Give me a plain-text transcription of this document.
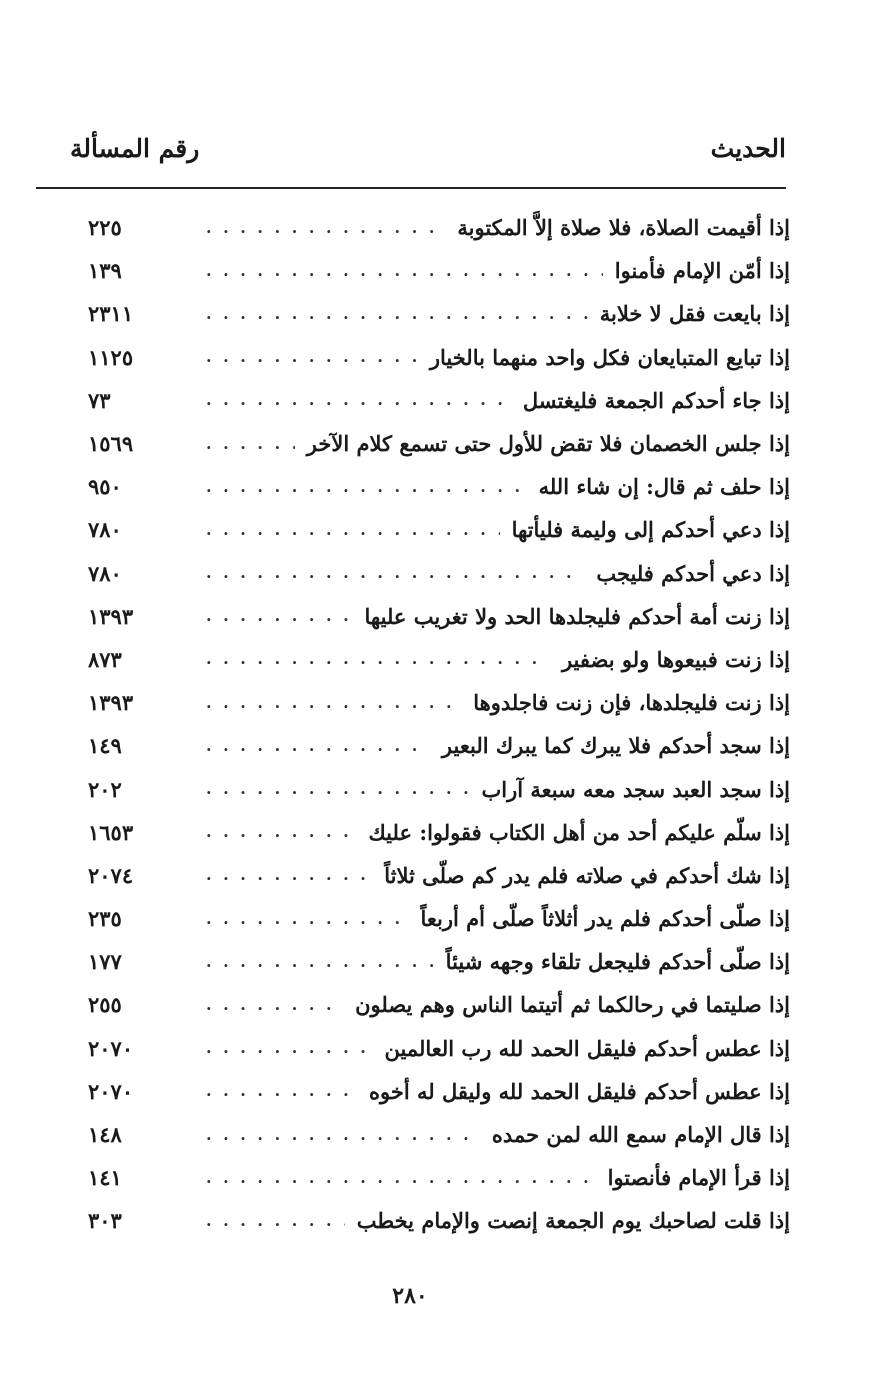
الحديث
رقم المسألة
إذا أقيمت الصلاة، فلا صلاة إلاَّ المكتوبة
. . .
٢٢٥
إذا أمّن الإمام فأمنوا
. . .
١٣٩
إذا بايعت فقل لا خلابة
. . .
٢٣١١
إذا تبايع المتبايعان فكل واحد منهما بالخيار
. . .
١١٢٥
إذا جاء أحدكم الجمعة فليغتسل
. . .
٧٣
إذا جلس الخصمان فلا تقض للأول حتى تسمع كلام الآخر
. . .
١٥٦٩
إذا حلف ثم قال: إن شاء الله
. . .
٩٥٠
إذا دعي أحدكم إلى وليمة فليأتها
. . .
٧٨٠
إذا دعي أحدكم فليجب
. . .
٧٨٠
إذا زنت أمة أحدكم فليجلدها الحد ولا تغريب عليها
. . .
١٣٩٣
إذا زنت فبيعوها ولو بضفير
. . .
٨٧٣
إذا زنت فليجلدها، فإن زنت فاجلدوها
. . .
١٣٩٣
إذا سجد أحدكم فلا يبرك كما يبرك البعير
. . .
١٤٩
إذا سجد العبد سجد معه سبعة آراب
. . .
٢٠٢
إذا سلّم عليكم أحد من أهل الكتاب فقولوا: عليك
. . .
١٦٥٣
إذا شك أحدكم في صلاته فلم يدر كم صلّى ثلاثاً
. . .
٢٠٧٤
إذا صلّى أحدكم فلم يدر أثلاثاً صلّى أم أربعاً
. . .
٢٣٥
إذا صلّى أحدكم فليجعل تلقاء وجهه شيئاً
. . .
١٧٧
إذا صليتما في رحالكما ثم أتيتما الناس وهم يصلون
. . .
٢٥٥
إذا عطس أحدكم فليقل الحمد لله رب العالمين
. . .
٢٠٧٠
إذا عطس أحدكم فليقل الحمد لله وليقل له أخوه
. . .
٢٠٧٠
إذا قال الإمام سمع الله لمن حمده
. . .
١٤٨
إذا قرأ الإمام فأنصتوا
. . .
١٤١
إذا قلت لصاحبك يوم الجمعة إنصت والإمام يخطب
. . .
٣٠٣
٢٨٠
